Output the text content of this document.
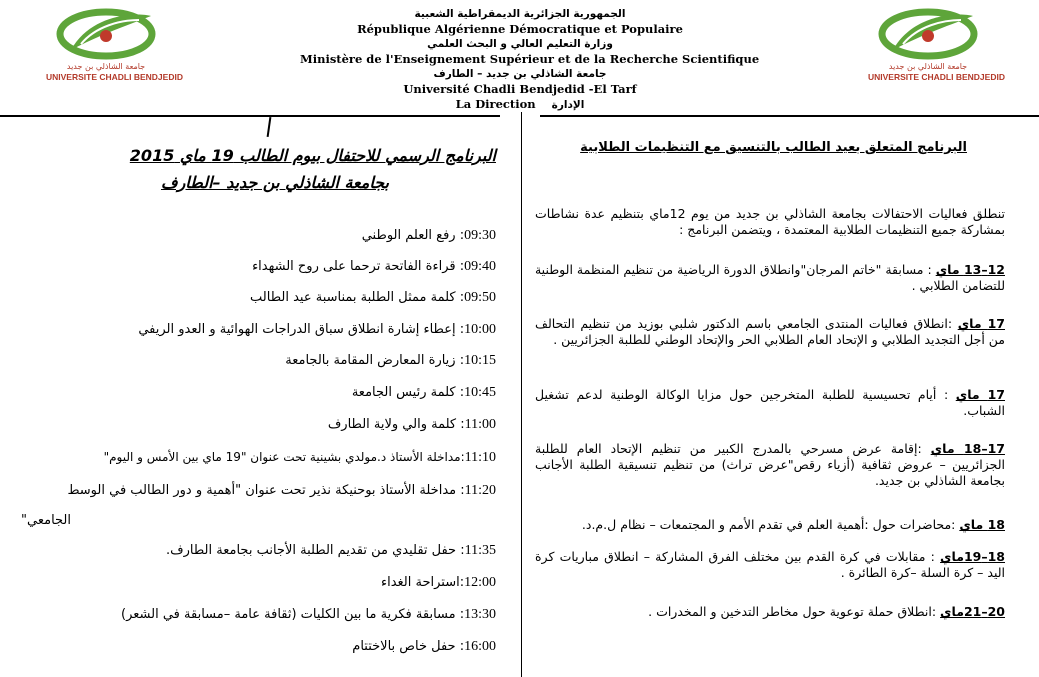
جامعة الشاذلي بن جديد
UNIVERSITE CHADLI BENDJEDID
جامعة الشاذلي بن جديد
UNIVERSITE CHADLI BENDJEDID
الجمهورية الجزائرية الديمقراطية الشعبية
République Algérienne Démocratique et Populaire
وزارة التعليم العالي و البحث العلمي
Ministère de l'Enseignement Supérieur et de la Recherche Scientifique
جامعة الشاذلي بن جديد – الطارف
Université Chadli Bendjedid -El Tarf
La Direction الإدارة
البرنامج الرسمي للاحتفال بيوم الطالب 19 ماي 2015
بجامعة الشاذلي بن جديد –الطارف
09:30: رفع العلم الوطني
09:40: قراءة الفاتحة ترحما على روح الشهداء
09:50: كلمة ممثل الطلبة بمناسبة عيد الطالب
10:00: إعطاء إشارة انطلاق سباق الدراجات الهوائية و العدو الريفي
10:15: زيارة المعارض المقامة بالجامعة
10:45: كلمة رئيس الجامعة
11:00: كلمة والي ولاية الطارف
11:10:مداخلة الأستاذ د.مولدي بشينية تحت عنوان "19 ماي بين الأمس و اليوم"
11:20: مداخلة الأستاذ بوحنيكة نذير تحت عنوان "أهمية و دور الطالب في الوسط
الجامعي"
11:35: حفل تقليدي من تقديم الطلبة الأجانب بجامعة الطارف.
12:00:استراحة الغداء
13:30: مسابقة فكرية ما بين الكليات (ثقافة عامة –مسابقة في الشعر)
16:00: حفل خاص بالاختتام
البرنامج المتعلق بعيد الطالب بالتنسيق مع التنظيمات الطلابية
تنطلق فعاليات الاحتفالات بجامعة الشاذلي بن جديد من يوم 12ماي بتنظيم عدة نشاطات بمشاركة جميع التنظيمات الطلابية المعتمدة ، ويتضمن البرنامج :
12–13 ماي : مسابقة "خاتم المرجان"وانطلاق الدورة الرياضية من تنظيم المنظمة الوطنية للتضامن الطلابي .
17 ماي :انطلاق فعاليات المنتدى الجامعي باسم الدكتور شلبي بوزيد من تنظيم التحالف من أجل التجديد الطلابي و الإتحاد العام الطلابي الحر والإتحاد الوطني للطلبة الجزائريين .
17 ماي : أيام تحسيسية للطلبة المتخرجين حول مزايا الوكالة الوطنية لدعم تشغيل الشباب.
17–18 ماي :إقامة عرض مسرحي بالمدرج الكبير من تنظيم الإتحاد العام للطلبة الجزائريين – عروض ثقافية (أزياء رقص"عرض تراث) من تنظيم تنسيقية الطلبة الأجانب بجامعة الشاذلي بن جديد.
18 ماي :محاضرات حول :أهمية العلم في تقدم الأمم و المجتمعات – نظام ل.م.د.
18–19ماي : مقابلات في كرة القدم بين مختلف الفرق المشاركة – انطلاق مباريات كرة اليد – كرة السلة –كرة الطائرة .
20–21ماي :انطلاق حملة توعوية حول مخاطر التدخين و المخدرات .
